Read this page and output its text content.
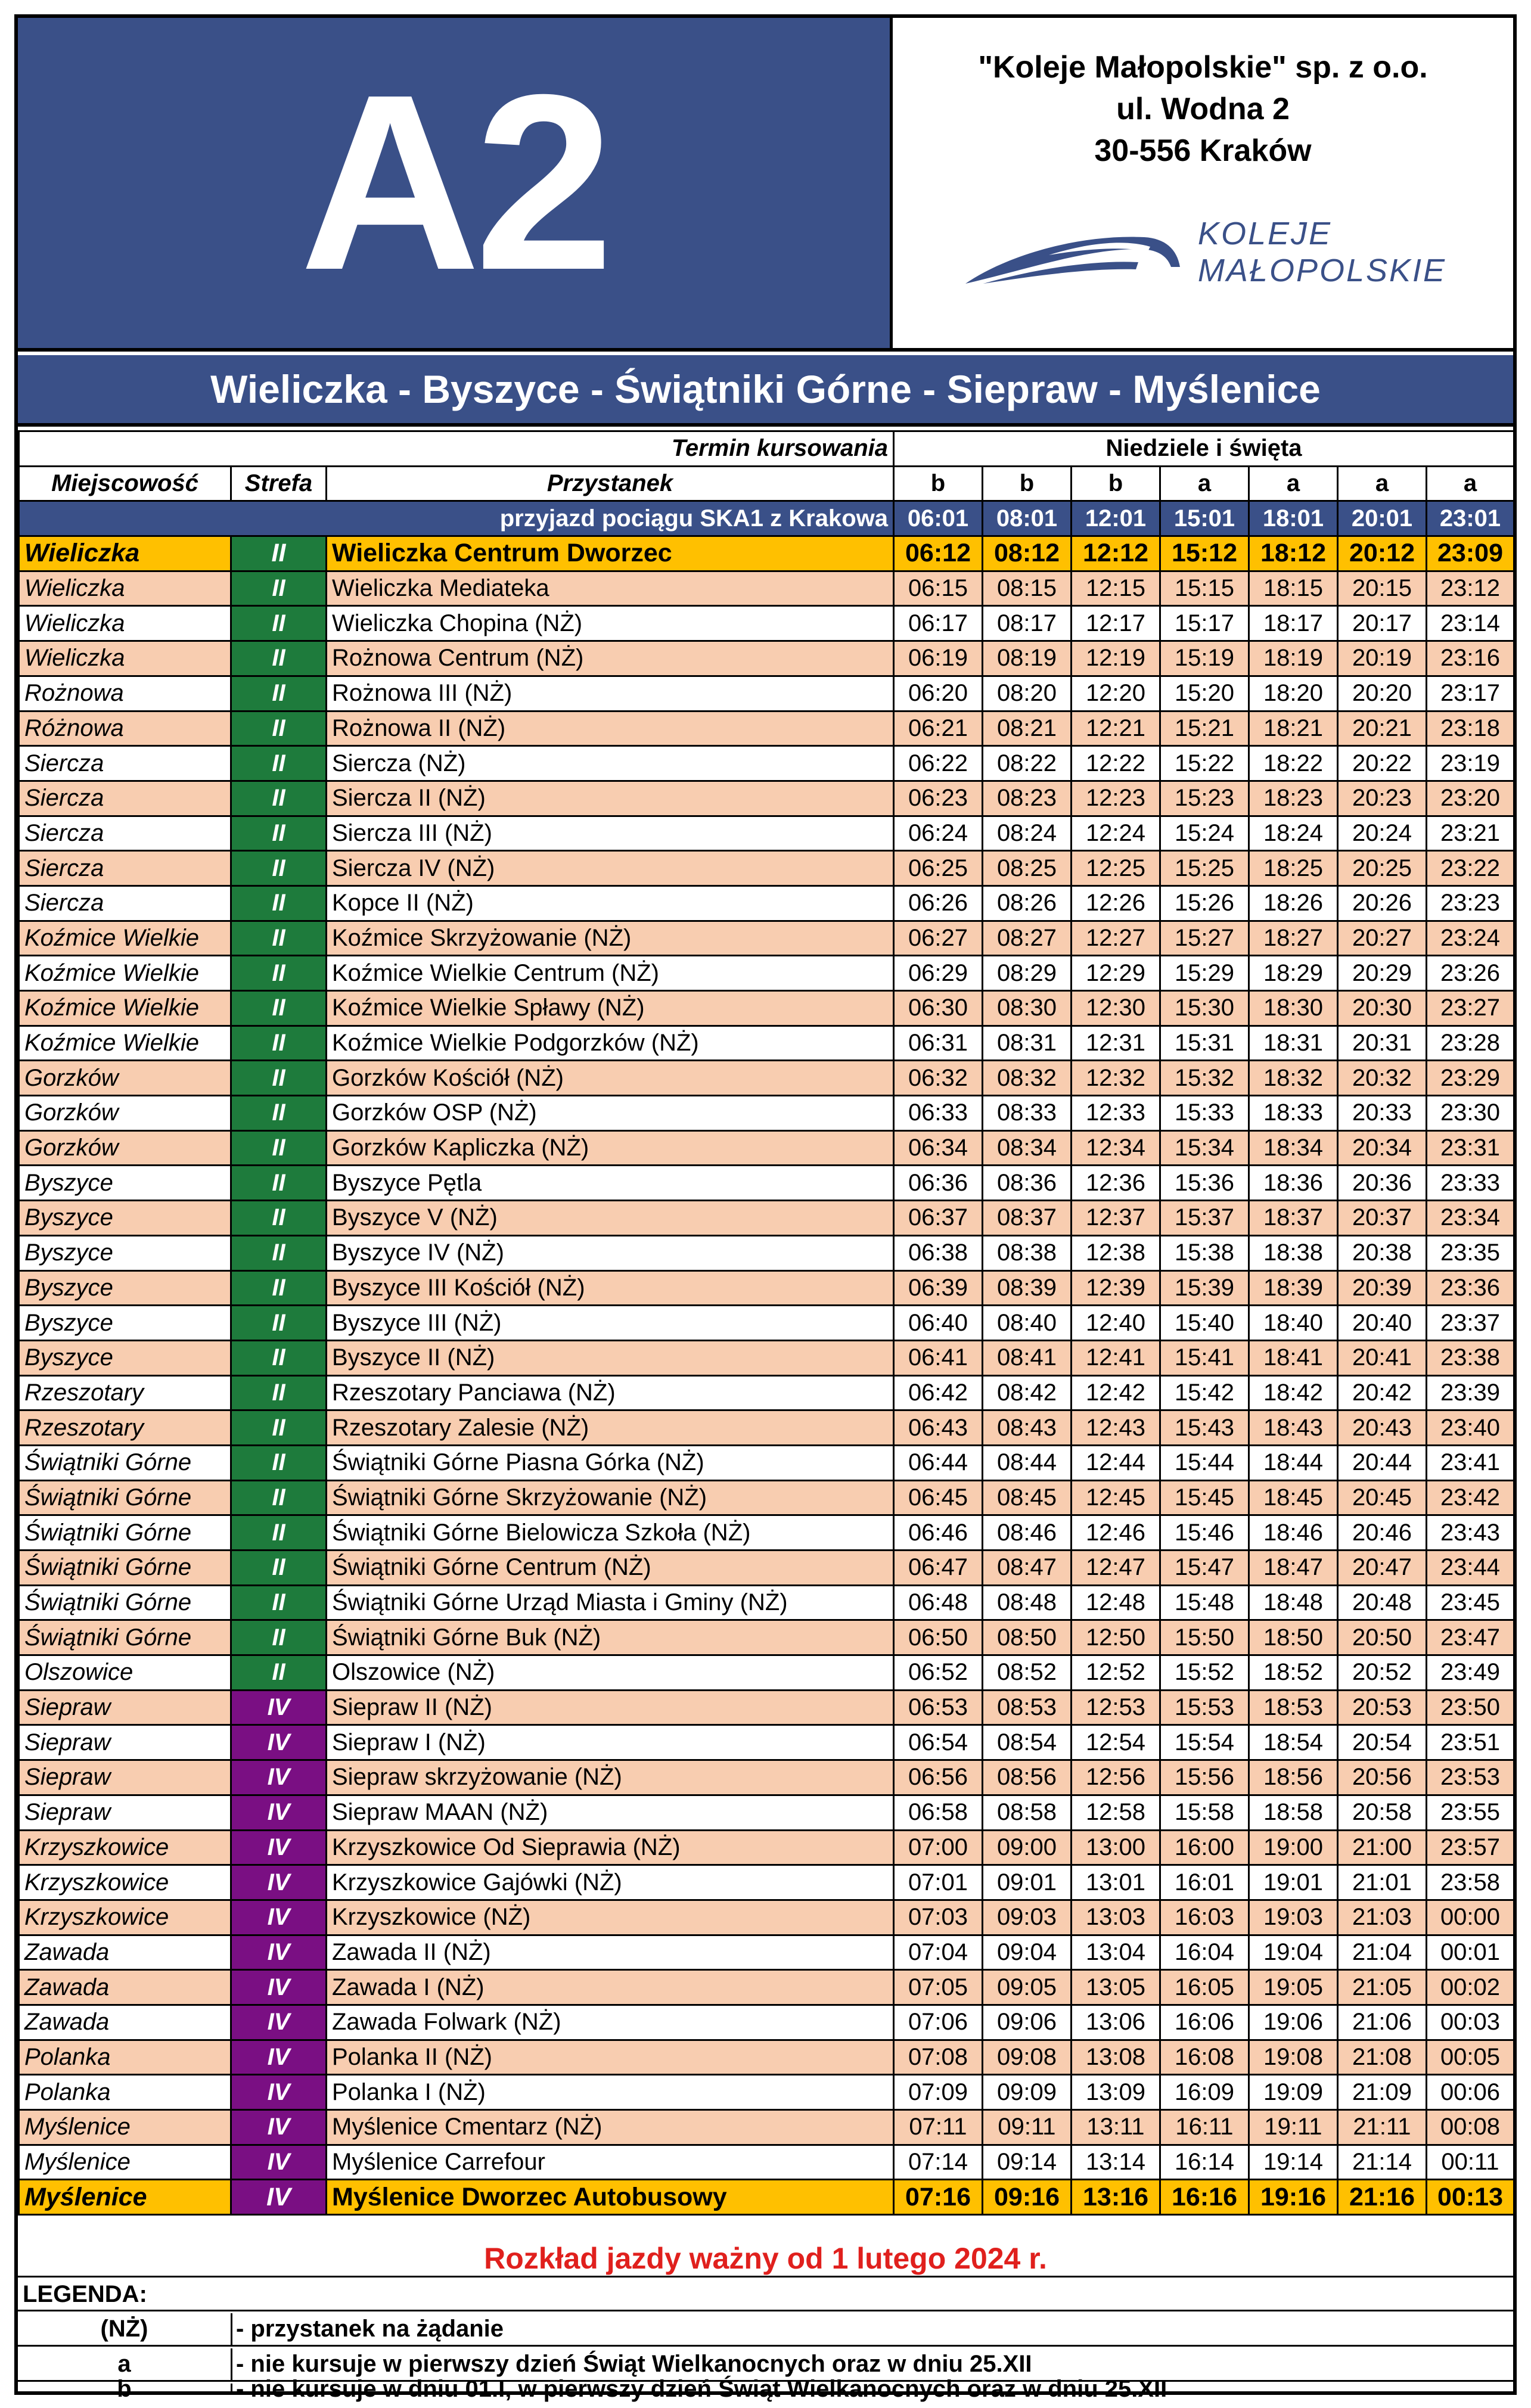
A2	"Koleje Małopolskie" sp. z o.o.
ul. Wodna 2
30-556 Kraków
KOLEJE
MAŁOPOLSKIE
Wieliczka - Byszyce - Świątniki Górne - Siepraw - Myślenice
Termin kursowania			Niedziele i święta						
Miejscowość	Strefa	Przystanek	b	b	b	a	a	a	a
przyjazd pociągu SKA1 z Krakowa			06:01	08:01	12:01	15:01	18:01	20:01	23:01
Wieliczka	II	Wieliczka Centrum Dworzec	06:12	08:12	12:12	15:12	18:12	20:12	23:09
Wieliczka	II	Wieliczka Mediateka	06:15	08:15	12:15	15:15	18:15	20:15	23:12
Wieliczka	II	Wieliczka Chopina (NŻ)	06:17	08:17	12:17	15:17	18:17	20:17	23:14
Wieliczka	II	Rożnowa Centrum (NŻ)	06:19	08:19	12:19	15:19	18:19	20:19	23:16
Rożnowa	II	Rożnowa III (NŻ)	06:20	08:20	12:20	15:20	18:20	20:20	23:17
Różnowa	II	Rożnowa II (NŻ)	06:21	08:21	12:21	15:21	18:21	20:21	23:18
Siercza	II	Siercza (NŻ)	06:22	08:22	12:22	15:22	18:22	20:22	23:19
Siercza	II	Siercza II (NŻ)	06:23	08:23	12:23	15:23	18:23	20:23	23:20
Siercza	II	Siercza III (NŻ)	06:24	08:24	12:24	15:24	18:24	20:24	23:21
Siercza	II	Siercza IV (NŻ)	06:25	08:25	12:25	15:25	18:25	20:25	23:22
Siercza	II	Kopce II (NŻ)	06:26	08:26	12:26	15:26	18:26	20:26	23:23
Koźmice Wielkie	II	Koźmice Skrzyżowanie (NŻ)	06:27	08:27	12:27	15:27	18:27	20:27	23:24
Koźmice Wielkie	II	Koźmice Wielkie Centrum (NŻ)	06:29	08:29	12:29	15:29	18:29	20:29	23:26
Koźmice Wielkie	II	Koźmice Wielkie Spławy (NŻ)	06:30	08:30	12:30	15:30	18:30	20:30	23:27
Koźmice Wielkie	II	Koźmice Wielkie Podgorzków (NŻ)	06:31	08:31	12:31	15:31	18:31	20:31	23:28
Gorzków	II	Gorzków Kościół (NŻ)	06:32	08:32	12:32	15:32	18:32	20:32	23:29
Gorzków	II	Gorzków OSP (NŻ)	06:33	08:33	12:33	15:33	18:33	20:33	23:30
Gorzków	II	Gorzków Kapliczka (NŻ)	06:34	08:34	12:34	15:34	18:34	20:34	23:31
Byszyce	II	Byszyce Pętla	06:36	08:36	12:36	15:36	18:36	20:36	23:33
Byszyce	II	Byszyce V (NŻ)	06:37	08:37	12:37	15:37	18:37	20:37	23:34
Byszyce	II	Byszyce IV (NŻ)	06:38	08:38	12:38	15:38	18:38	20:38	23:35
Byszyce	II	Byszyce III Kościół (NŻ)	06:39	08:39	12:39	15:39	18:39	20:39	23:36
Byszyce	II	Byszyce III (NŻ)	06:40	08:40	12:40	15:40	18:40	20:40	23:37
Byszyce	II	Byszyce II (NŻ)	06:41	08:41	12:41	15:41	18:41	20:41	23:38
Rzeszotary	II	Rzeszotary Panciawa (NŻ)	06:42	08:42	12:42	15:42	18:42	20:42	23:39
Rzeszotary	II	Rzeszotary Zalesie (NŻ)	06:43	08:43	12:43	15:43	18:43	20:43	23:40
Świątniki Górne	II	Świątniki Górne Piasna Górka (NŻ)	06:44	08:44	12:44	15:44	18:44	20:44	23:41
Świątniki Górne	II	Świątniki Górne Skrzyżowanie (NŻ)	06:45	08:45	12:45	15:45	18:45	20:45	23:42
Świątniki Górne	II	Świątniki Górne Bielowicza Szkoła (NŻ)	06:46	08:46	12:46	15:46	18:46	20:46	23:43
Świątniki Górne	II	Świątniki Górne Centrum (NŻ)	06:47	08:47	12:47	15:47	18:47	20:47	23:44
Świątniki Górne	II	Świątniki Górne Urząd Miasta i Gminy (NŻ)	06:48	08:48	12:48	15:48	18:48	20:48	23:45
Świątniki Górne	II	Świątniki Górne Buk (NŻ)	06:50	08:50	12:50	15:50	18:50	20:50	23:47
Olszowice	II	Olszowice (NŻ)	06:52	08:52	12:52	15:52	18:52	20:52	23:49
Siepraw	IV	Siepraw II (NŻ)	06:53	08:53	12:53	15:53	18:53	20:53	23:50
Siepraw	IV	Siepraw I (NŻ)	06:54	08:54	12:54	15:54	18:54	20:54	23:51
Siepraw	IV	Siepraw skrzyżowanie (NŻ)	06:56	08:56	12:56	15:56	18:56	20:56	23:53
Siepraw	IV	Siepraw MAAN (NŻ)	06:58	08:58	12:58	15:58	18:58	20:58	23:55
Krzyszkowice	IV	Krzyszkowice Od Sieprawia (NŻ)	07:00	09:00	13:00	16:00	19:00	21:00	23:57
Krzyszkowice	IV	Krzyszkowice Gajówki (NŻ)	07:01	09:01	13:01	16:01	19:01	21:01	23:58
Krzyszkowice	IV	Krzyszkowice (NŻ)	07:03	09:03	13:03	16:03	19:03	21:03	00:00
Zawada	IV	Zawada II (NŻ)	07:04	09:04	13:04	16:04	19:04	21:04	00:01
Zawada	IV	Zawada I (NŻ)	07:05	09:05	13:05	16:05	19:05	21:05	00:02
Zawada	IV	Zawada Folwark (NŻ)	07:06	09:06	13:06	16:06	19:06	21:06	00:03
Polanka	IV	Polanka II (NŻ)	07:08	09:08	13:08	16:08	19:08	21:08	00:05
Polanka	IV	Polanka I (NŻ)	07:09	09:09	13:09	16:09	19:09	21:09	00:06
Myślenice	IV	Myślenice Cmentarz (NŻ)	07:11	09:11	13:11	16:11	19:11	21:11	00:08
Myślenice	IV	Myślenice Carrefour	07:14	09:14	13:14	16:14	19:14	21:14	00:11
Myślenice	IV	Myślenice Dworzec Autobusowy	07:16	09:16	13:16	16:16	19:16	21:16	00:13
Rozkład jazdy ważny od 1 lutego 2024 r.
LEGENDA:
(NŻ)	- przystanek na żądanie
a	- nie kursuje w pierwszy dzień Świąt Wielkanocnych oraz w dniu 25.XII
b	- nie kursuje w dniu 01.I, w pierwszy dzień Świąt Wielkanocnych oraz w dniu 25.XII
